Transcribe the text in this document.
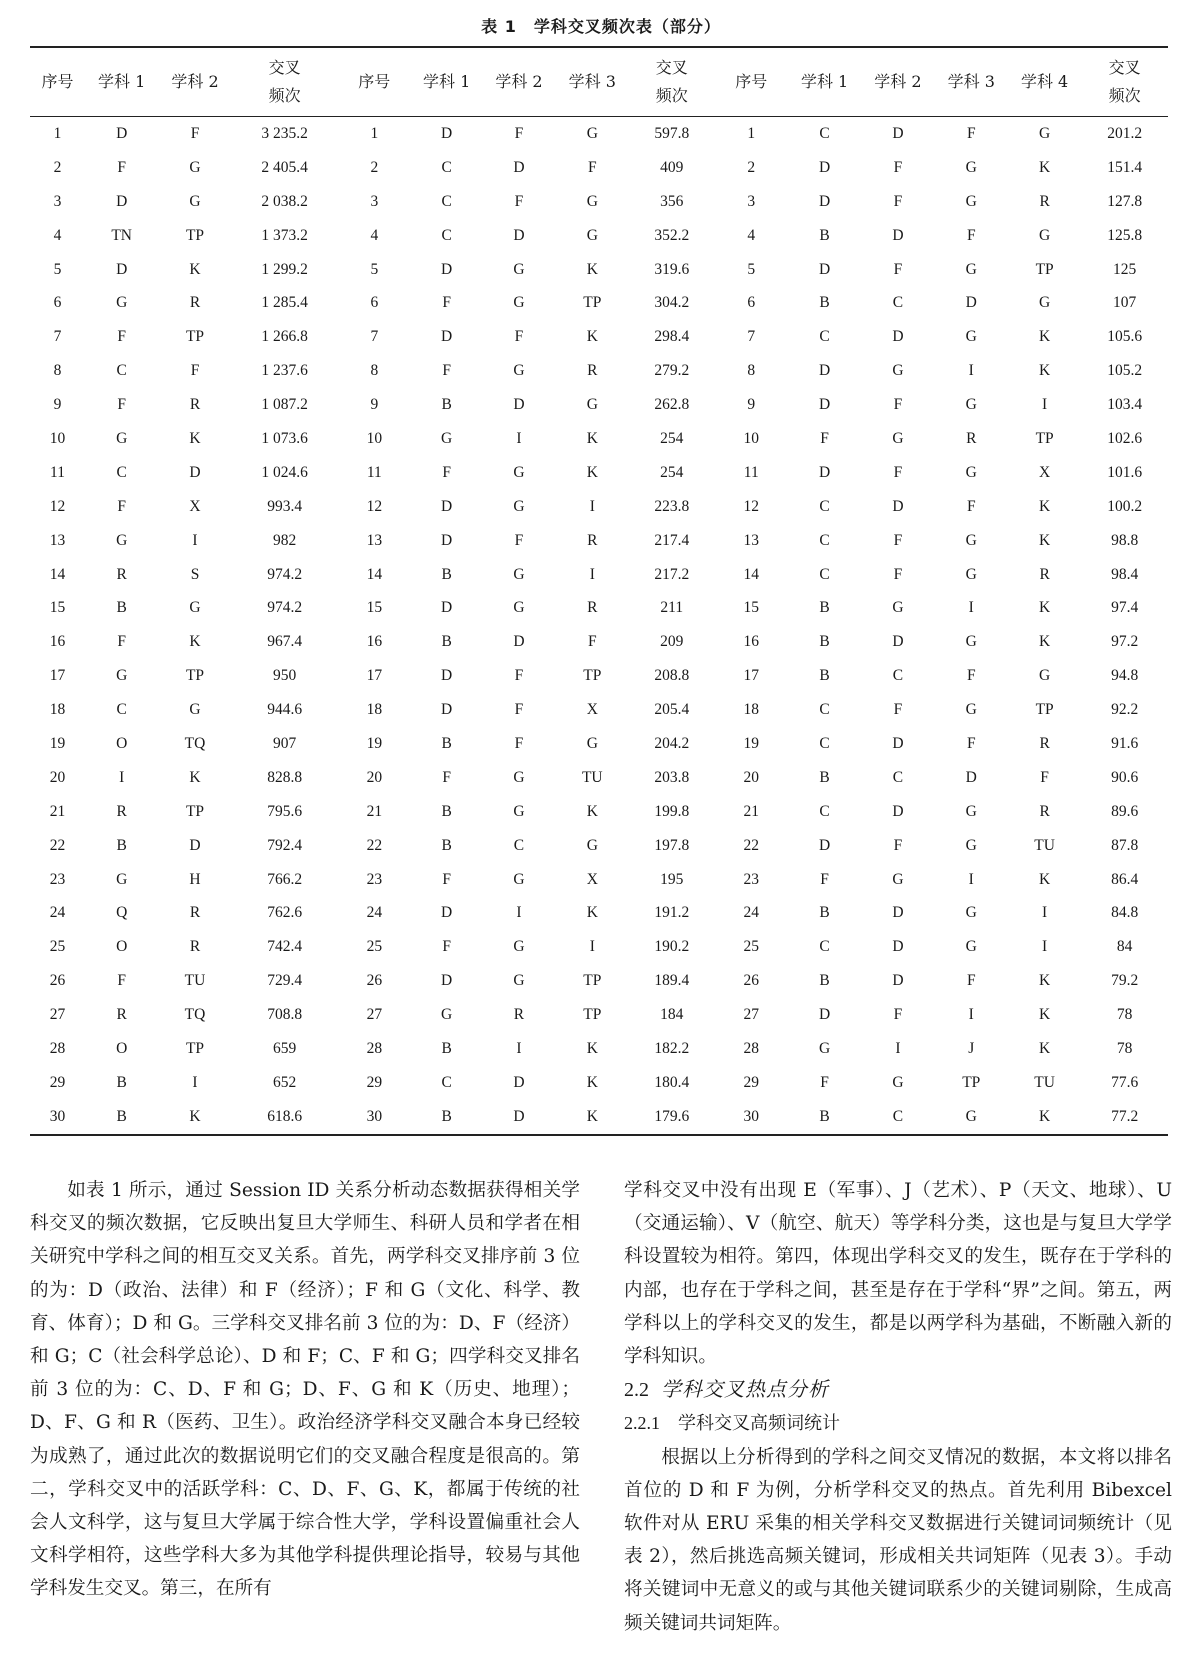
表 1　学科交叉频次表（部分）
序号	学科 1	学科 2	交叉
频次	序号	学科 1	学科 2	学科 3	交叉
频次	序号	学科 1	学科 2	学科 3	学科 4	交叉
频次
1	D	F	3 235.2	1	D	F	G	597.8	1	C	D	F	G	201.2
2	F	G	2 405.4	2	C	D	F	409	2	D	F	G	K	151.4
3	D	G	2 038.2	3	C	F	G	356	3	D	F	G	R	127.8
4	TN	TP	1 373.2	4	C	D	G	352.2	4	B	D	F	G	125.8
5	D	K	1 299.2	5	D	G	K	319.6	5	D	F	G	TP	125
6	G	R	1 285.4	6	F	G	TP	304.2	6	B	C	D	G	107
7	F	TP	1 266.8	7	D	F	K	298.4	7	C	D	G	K	105.6
8	C	F	1 237.6	8	F	G	R	279.2	8	D	G	I	K	105.2
9	F	R	1 087.2	9	B	D	G	262.8	9	D	F	G	I	103.4
10	G	K	1 073.6	10	G	I	K	254	10	F	G	R	TP	102.6
11	C	D	1 024.6	11	F	G	K	254	11	D	F	G	X	101.6
12	F	X	993.4	12	D	G	I	223.8	12	C	D	F	K	100.2
13	G	I	982	13	D	F	R	217.4	13	C	F	G	K	98.8
14	R	S	974.2	14	B	G	I	217.2	14	C	F	G	R	98.4
15	B	G	974.2	15	D	G	R	211	15	B	G	I	K	97.4
16	F	K	967.4	16	B	D	F	209	16	B	D	G	K	97.2
17	G	TP	950	17	D	F	TP	208.8	17	B	C	F	G	94.8
18	C	G	944.6	18	D	F	X	205.4	18	C	F	G	TP	92.2
19	O	TQ	907	19	B	F	G	204.2	19	C	D	F	R	91.6
20	I	K	828.8	20	F	G	TU	203.8	20	B	C	D	F	90.6
21	R	TP	795.6	21	B	G	K	199.8	21	C	D	G	R	89.6
22	B	D	792.4	22	B	C	G	197.8	22	D	F	G	TU	87.8
23	G	H	766.2	23	F	G	X	195	23	F	G	I	K	86.4
24	Q	R	762.6	24	D	I	K	191.2	24	B	D	G	I	84.8
25	O	R	742.4	25	F	G	I	190.2	25	C	D	G	I	84
26	F	TU	729.4	26	D	G	TP	189.4	26	B	D	F	K	79.2
27	R	TQ	708.8	27	G	R	TP	184	27	D	F	I	K	78
28	O	TP	659	28	B	I	K	182.2	28	G	I	J	K	78
29	B	I	652	29	C	D	K	180.4	29	F	G	TP	TU	77.6
30	B	K	618.6	30	B	D	K	179.6	30	B	C	G	K	77.2

如表 1 所示，通过 Session ID 关系分析动态数据获得相关学科交叉的频次数据，它反映出复旦大学师生、科研人员和学者在相关研究中学科之间的相互交叉关系。首先，两学科交叉排序前 3 位的为：D（政治、法律）和 F（经济）；F 和 G（文化、科学、教育、体育）；D 和 G。三学科交叉排名前 3 位的为：D、F（经济）和 G；C（社会科学总论）、D 和 F；C、F 和 G；四学科交叉排名前 3 位的为：C、D、F 和 G；D、F、G 和 K（历史、地理）；D、F、G 和 R（医药、卫生）。政治经济学科交叉融合本身已经较为成熟了，通过此次的数据说明它们的交叉融合程度是很高的。第二，学科交叉中的活跃学科：C、D、F、G、K，都属于传统的社会人文科学，这与复旦大学属于综合性大学，学科设置偏重社会人文科学相符，这些学科大多为其他学科提供理论指导，较易与其他学科发生交叉。第三，在所有

学科交叉中没有出现 E（军事）、J（艺术）、P（天文、地球）、U（交通运输）、V（航空、航天）等学科分类，这也是与复旦大学学科设置较为相符。第四，体现出学科交叉的发生，既存在于学科的内部，也存在于学科之间，甚至是存在于学科“界”之间。第五，两学科以上的学科交叉的发生，都是以两学科为基础，不断融入新的学科知识。

2.2 学科交叉热点分析
2.2.1 学科交叉高频词统计

根据以上分析得到的学科之间交叉情况的数据，本文将以排名首位的 D 和 F 为例，分析学科交叉的热点。首先利用 Bibexcel 软件对从 ERU 采集的相关学科交叉数据进行关键词词频统计（见表 2），然后挑选高频关键词，形成相关共词矩阵（见表 3）。手动将关键词中无意义的或与其他关键词联系少的关键词剔除，生成高频关键词共词矩阵。
